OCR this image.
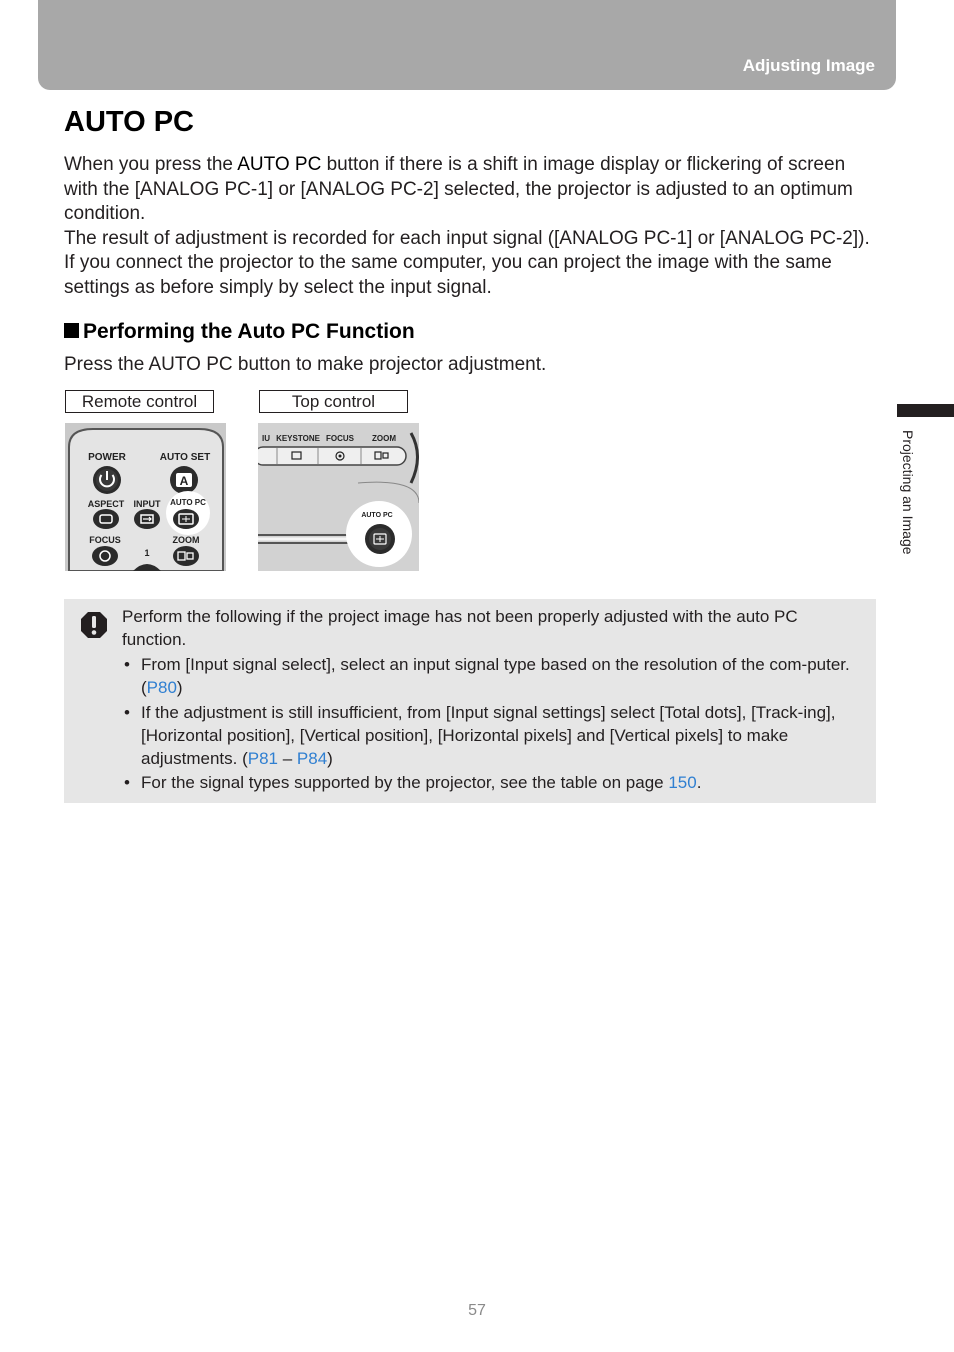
Adjusting Image
AUTO PC

When you press the AUTO PC button if there is a shift in image display or flickering of screen with the [ANALOG PC-1] or [ANALOG PC-2] selected, the projector is adjusted to an optimum condition.

The result of adjustment is recorded for each input signal ([ANALOG PC-1] or [ANALOG PC-2]). If you connect the projector to the same computer, you can project the image with the same settings as before simply by select the input signal.

Performing the Auto PC Function
Press the AUTO PC button to make projector adjustment.
Remote control	Top control
POWER	AUTO SET
A
ASPECT INPUT AUTO PC
FOCUS
1
ZOOM
IU KEYSTONE FOCUS ZOOM
AUTO PC
Perform the following if the project image has not been properly adjusted with the auto PC function.
• From [Input signal select], select an input signal type based on the resolution of the com-puter. (P80)
• If the adjustment is still insufficient, from [Input signal settings] select [Total dots], [Track-ing], [Horizontal position], [Vertical position], [Horizontal pixels] and [Vertical pixels] to make adjustments. (P81 – P84)
• For the signal types supported by the projector, see the table on page 150.
Projecting an Image
57
